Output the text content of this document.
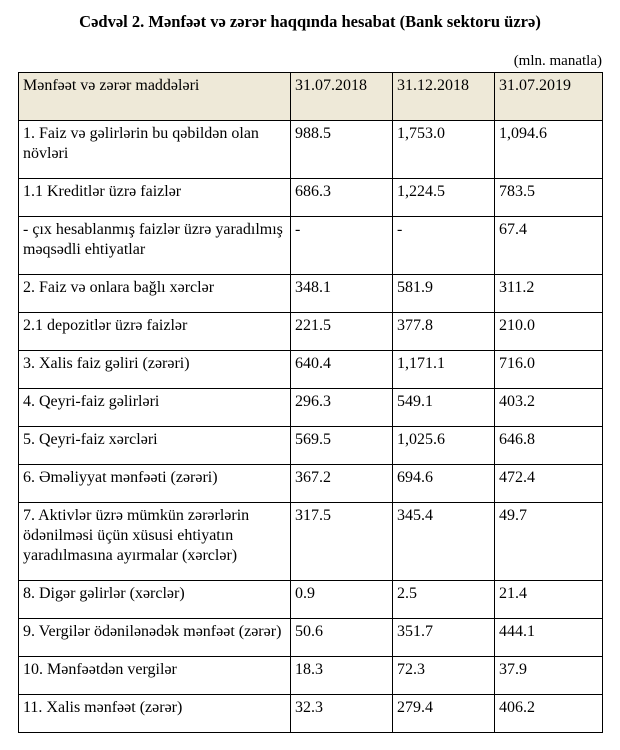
Cədvəl 2. Mənfəət və zərər haqqında hesabat (Bank sektoru üzrə)
(mln. manatla)
Mənfəət və zərər maddələri	31.07.2018	31.12.2018	31.07.2019
1. Faiz və gəlirlərin bu qəbildən olan növləri	988.5	1,753.0	1,094.6
1.1 Kreditlər üzrə faizlər	686.3	1,224.5	783.5
- çıx hesablanmış faizlər üzrə yaradılmış məqsədli ehtiyatlar	-	-	67.4
2. Faiz və onlara bağlı xərclər	348.1	581.9	311.2
2.1 depozitlər üzrə faizlər	221.5	377.8	210.0
3. Xalis faiz gəliri (zərəri)	640.4	1,171.1	716.0
4. Qeyri-faiz gəlirləri	296.3	549.1	403.2
5. Qeyri-faiz xərcləri	569.5	1,025.6	646.8
6. Əməliyyat mənfəəti (zərəri)	367.2	694.6	472.4
7. Aktivlər üzrə mümkün zərərlərin ödənilməsi üçün xüsusi ehtiyatın yaradılmasına ayırmalar (xərclər)	317.5	345.4	49.7
8. Digər gəlirlər (xərclər)	0.9	2.5	21.4
9. Vergilər ödənilənədək mənfəət (zərər)	50.6	351.7	444.1
10. Mənfəətdən vergilər	18.3	72.3	37.9
11. Xalis mənfəət (zərər)	32.3	279.4	406.2
